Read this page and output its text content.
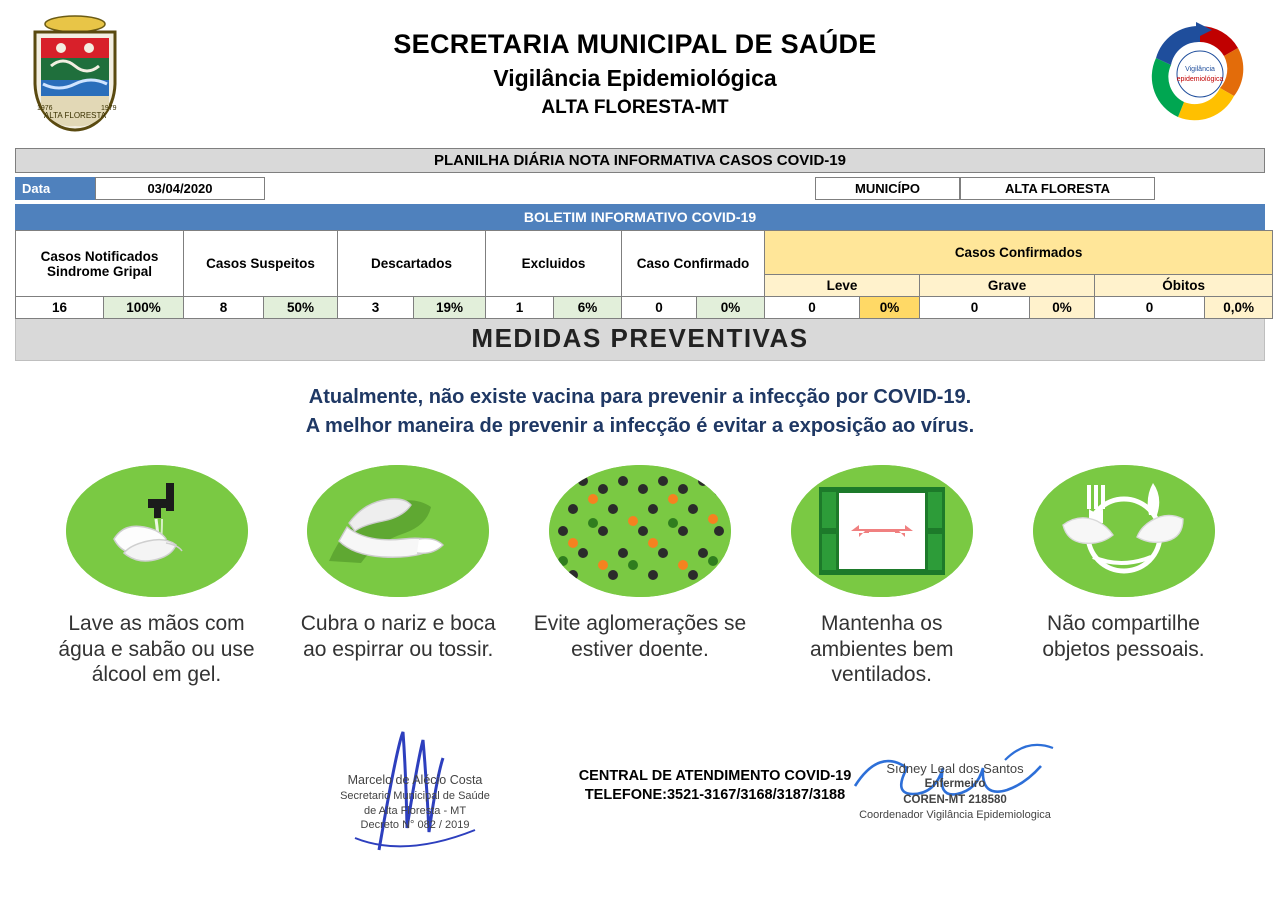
ALTA FLORESTA
1976	1979
SECRETARIA MUNICIPAL DE SAÚDE
Vigilância Epidemiológica
ALTA FLORESTA-MT
Vigilância
epidemiológica
PLANILHA DIÁRIA NOTA INFORMATIVA CASOS COVID-19
Data	03/04/2020	MUNICÍPO	ALTA FLORESTA
BOLETIM INFORMATIVO COVID-19
Casos Notificados Sindrome Gripal		Casos Suspeitos		Descartados		Excluidos		Caso Confirmado		Casos Confirmados					
										Leve		Grave		Óbitos	
16	100%	8	50%	3	19%	1	6%	0	0%	0	0%	0	0%	0	0,0%
MEDIDAS PREVENTIVAS
Atualmente, não existe vacina para prevenir a infecção por COVID-19.
A melhor maneira de prevenir a infecção é evitar a exposição ao vírus.
Lave as mãos com água e sabão ou use álcool em gel.
Cubra o nariz e boca ao espirrar ou tossir.
Evite aglomerações se estiver doente.
Mantenha os ambientes bem ventilados.
Não compartilhe objetos pessoais.
Marcelo de Alécio Costa
Secretario Municipal de Saúde
de Alta Floresta - MT
Decreto N° 082 / 2019
CENTRAL DE ATENDIMENTO COVID-19
TELEFONE:3521-3167/3168/3187/3188
Sıdney Leal dos Santos
Enfermeiro
COREN-MT 218580
Coordenador Vigilância Epidemiologica
